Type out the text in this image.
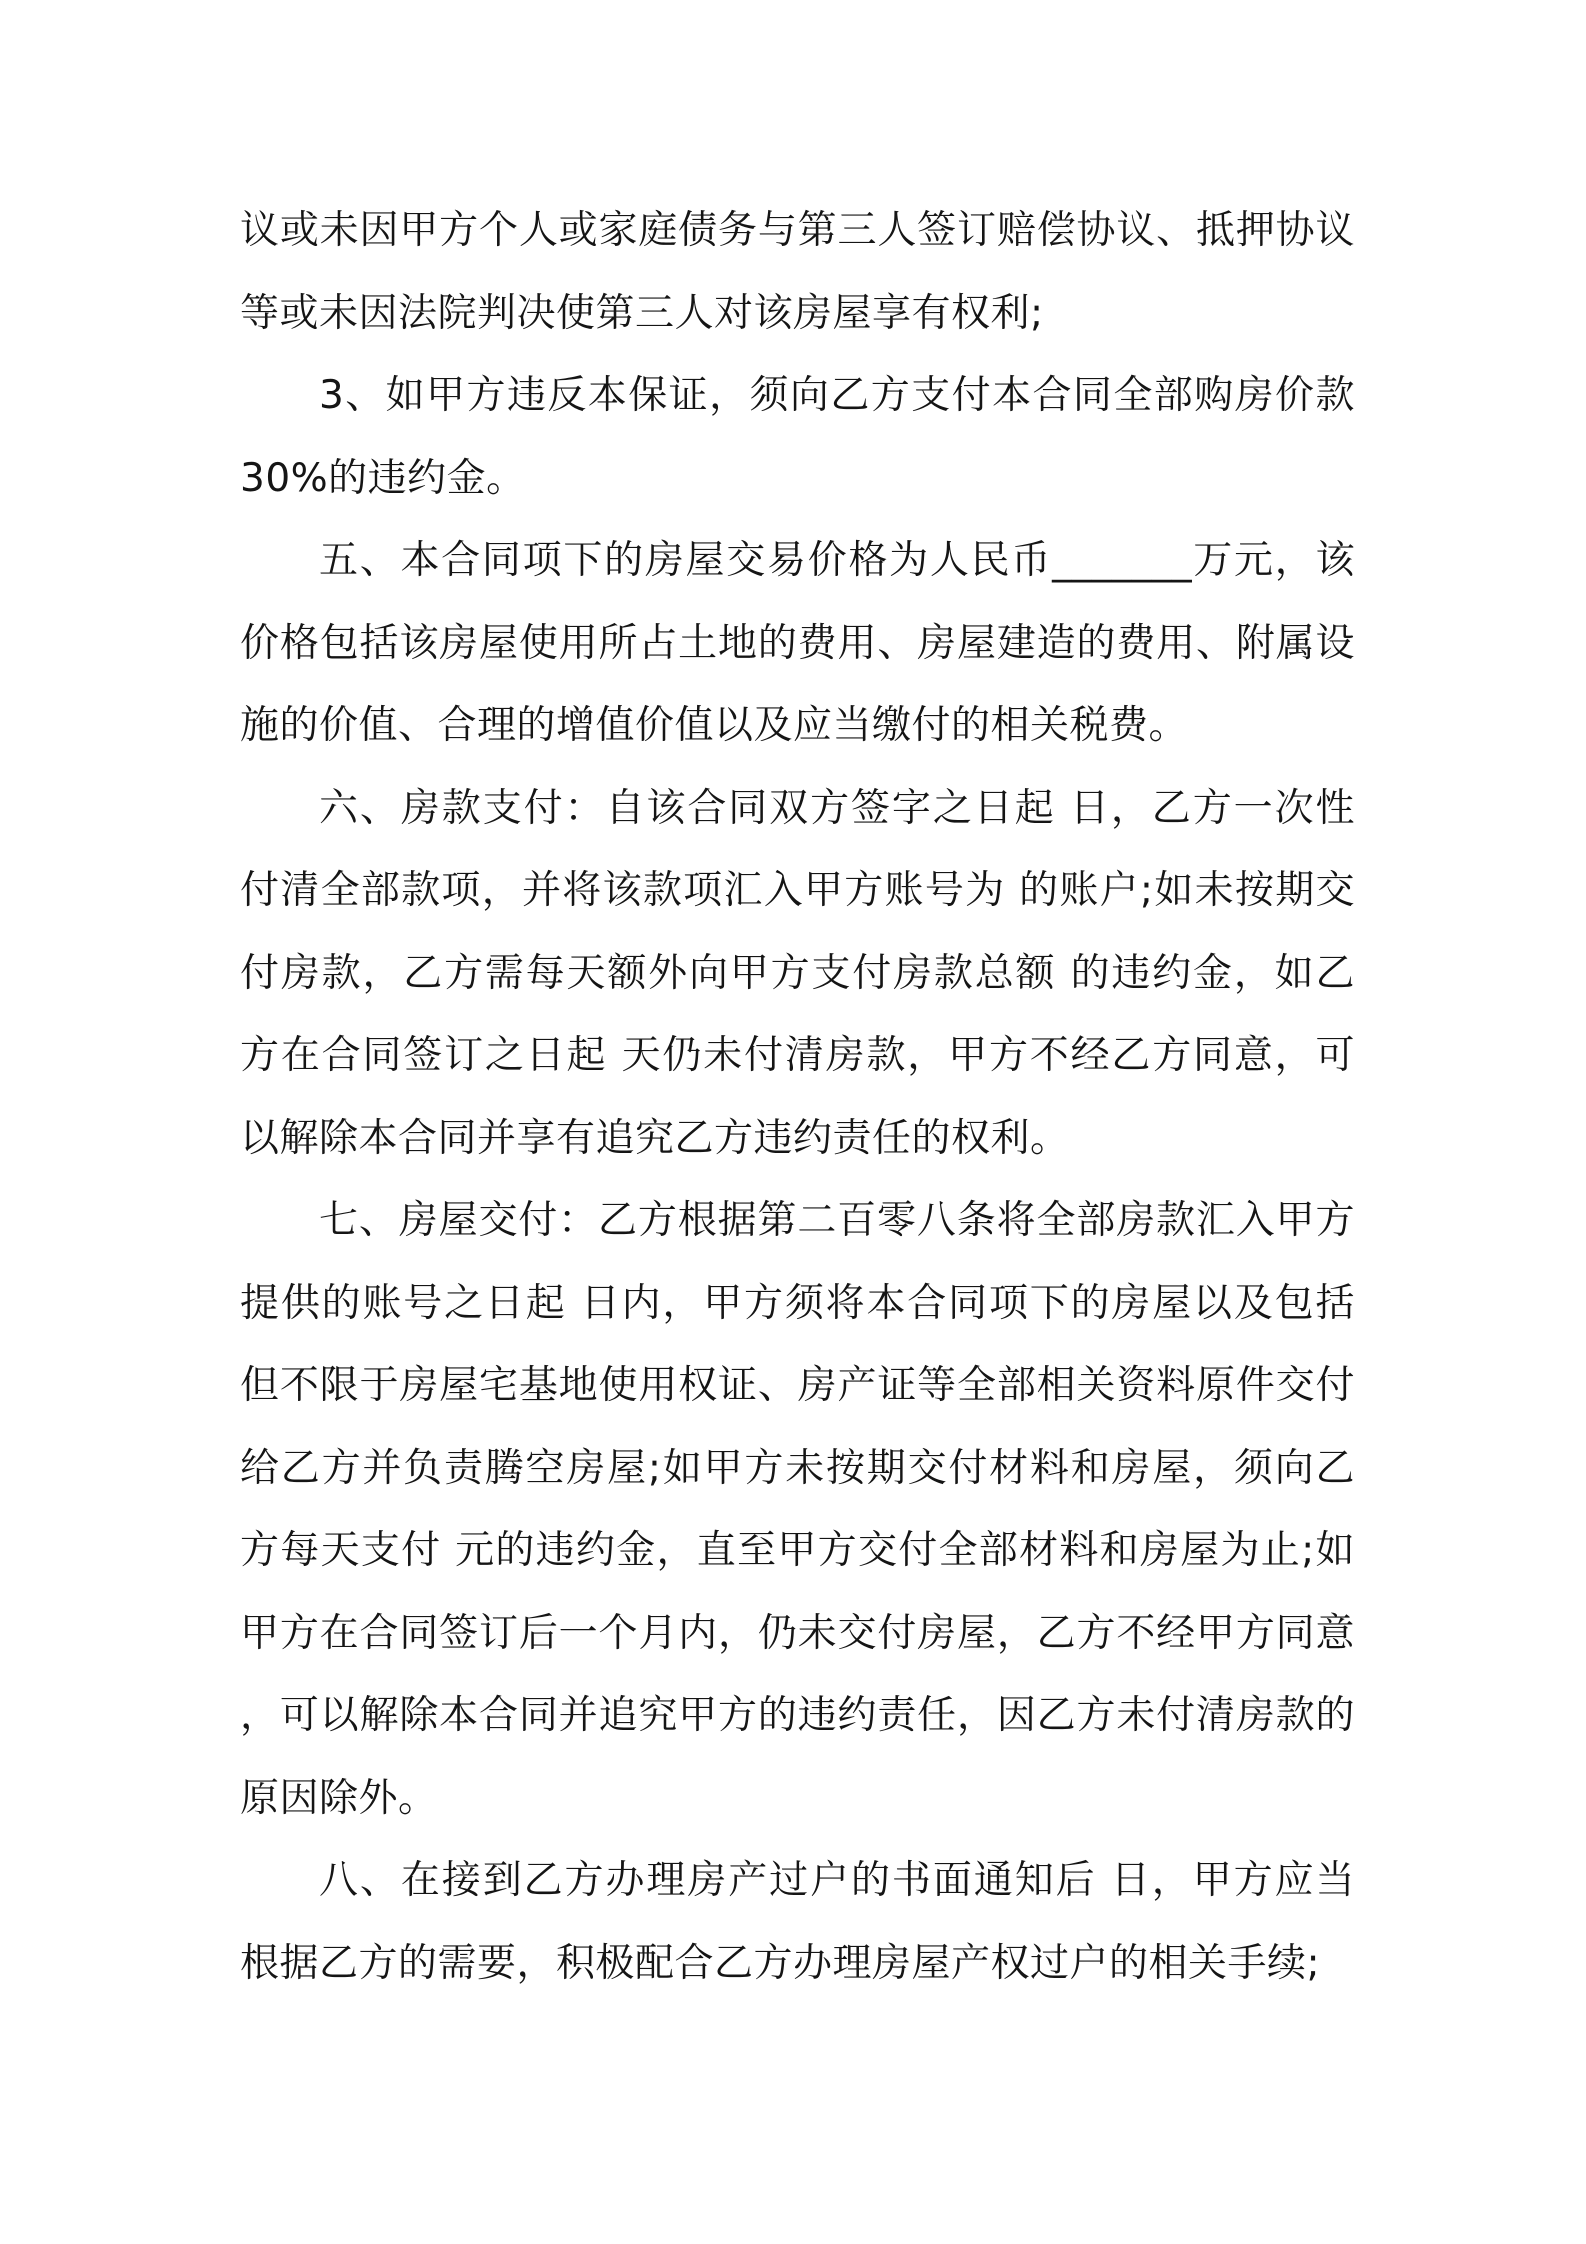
议或未因甲方个人或家庭债务与第三人签订赔偿协议、抵押协议等或未因法院判决使第三人对该房屋享有权利;

3、如甲方违反本保证，须向乙方支付本合同全部购房价款30%的违约金。

五、本合同项下的房屋交易价格为人民币_______万元，该价格包括该房屋使用所占土地的费用、房屋建造的费用、附属设施的价值、合理的增值价值以及应当缴付的相关税费。

六、房款支付：自该合同双方签字之日起 日，乙方一次性付清全部款项，并将该款项汇入甲方账号为 的账户;如未按期交付房款，乙方需每天额外向甲方支付房款总额 的违约金，如乙方在合同签订之日起 天仍未付清房款，甲方不经乙方同意，可以解除本合同并享有追究乙方违约责任的权利。

七、房屋交付：乙方根据第二百零八条将全部房款汇入甲方提供的账号之日起 日内，甲方须将本合同项下的房屋以及包括但不限于房屋宅基地使用权证、房产证等全部相关资料原件交付给乙方并负责腾空房屋;如甲方未按期交付材料和房屋，须向乙方每天支付 元的违约金，直至甲方交付全部材料和房屋为止;如甲方在合同签订后一个月内，仍未交付房屋，乙方不经甲方同意，可以解除本合同并追究甲方的违约责任，因乙方未付清房款的原因除外。

八、在接到乙方办理房产过户的书面通知后 日，甲方应当根据乙方的需要，积极配合乙方办理房屋产权过户的相关手续;
